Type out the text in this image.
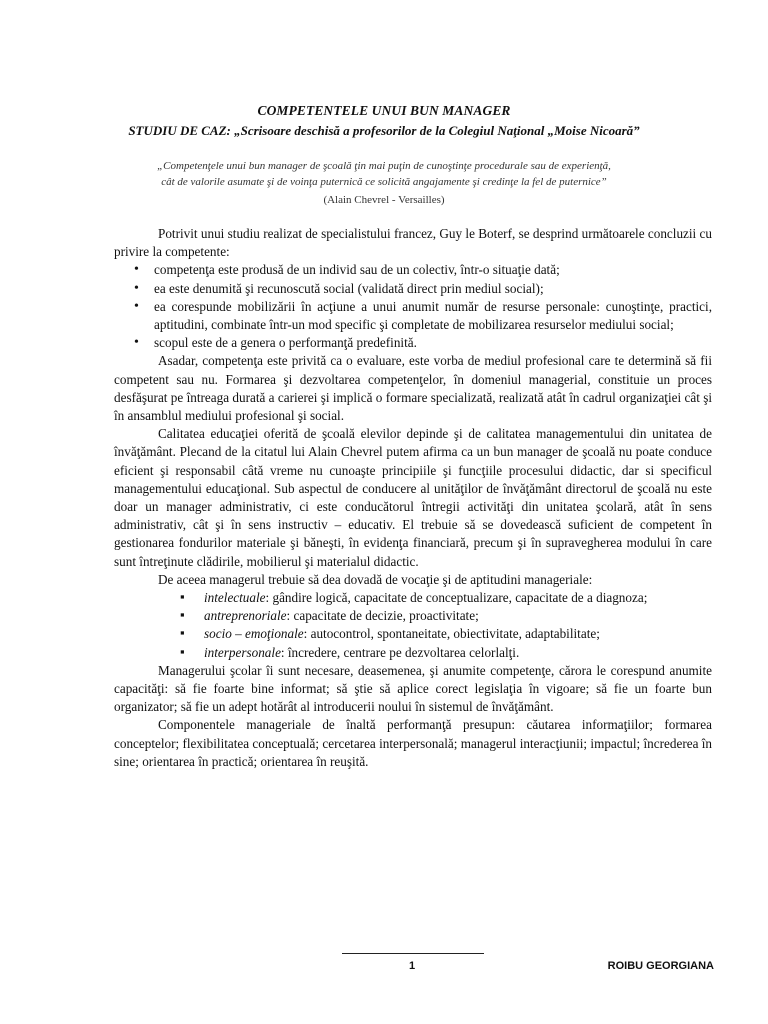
COMPETENTELE UNUI BUN MANAGER
STUDIU DE CAZ: „Scrisoare deschisă a profesorilor de la Colegiul Naţional „Moise Nicoară”
„Competenţele unui bun manager de şcoală ţin mai puţin de cunoştinţe procedurale sau de experienţă,
cât de valorile asumate şi de voinţa puternică ce solicită angajamente şi credinţe la fel de puternice”
(Alain Chevrel - Versailles)

Potrivit unui studiu realizat de specialistului francez, Guy le Boterf, se desprind următoarele concluzii cu privire la competente:

• competenţa este produsă de un individ sau de un colectiv, într-o situaţie dată;
• ea este denumită şi recunoscută social (validată direct prin mediul social);
• ea corespunde mobilizării în acţiune a unui anumit număr de resurse personale: cunoştinţe, practici, aptitudini, combinate într-un mod specific şi completate de mobilizarea resurselor mediului social;
• scopul este de a genera o performanţă predefinită.

Asadar, competenţa este privită ca o evaluare, este vorba de mediul profesional care te determină să fii competent sau nu. Formarea şi dezvoltarea competenţelor, în domeniul managerial, constituie un proces desfăşurat pe întreaga durată a carierei şi implică o formare specializată, realizată atât în cadrul organizaţiei cât şi în ansamblul mediului profesional şi social.

Calitatea educaţiei oferită de şcoală elevilor depinde şi de calitatea managementului din unitatea de învăţământ. Plecand de la citatul lui Alain Chevrel putem afirma ca un bun manager de şcoală nu poate conduce eficient şi responsabil câtă vreme nu cunoaşte principiile şi funcţiile procesului didactic, dar si specificul managementului educaţional. Sub aspectul de conducere al unităţilor de învăţământ directorul de şcoală nu este doar un manager administrativ, ci este conducătorul întregii activităţi din unitatea şcolară, atât în sens administrativ, cât şi în sens instructiv – educativ. El trebuie să se dovedească suficient de competent în gestionarea fondurilor materiale şi băneşti, în evidenţa financiară, precum şi în supravegherea modului în care sunt întreţinute clădirile, mobilierul şi materialul didactic.

De aceea managerul trebuie să dea dovadă de vocaţie şi de aptitudini manageriale:

▪ intelectuale: gândire logică, capacitate de conceptualizare, capacitate de a diagnoza;
▪ antreprenoriale: capacitate de decizie, proactivitate;
▪ socio – emoţionale: autocontrol, spontaneitate, obiectivitate, adaptabilitate;
▪ interpersonale: încredere, centrare pe dezvoltarea celorlalţi.

Managerului şcolar îi sunt necesare, deasemenea, şi anumite competenţe, cărora le corespund anumite capacităţi: să fie foarte bine informat; să ştie să aplice corect legislaţia în vigoare; să fie un foarte bun organizator; să fie un adept hotărât al introducerii noului în sistemul de învăţământ.

Componentele manageriale de înaltă performanţă presupun: căutarea informaţiilor; formarea conceptelor; flexibilitatea conceptuală; cercetarea interpersonală; managerul interacţiunii; impactul; încrederea în sine; orientarea în practică; orientarea în reuşită.

1	ROIBU GEORGIANA
